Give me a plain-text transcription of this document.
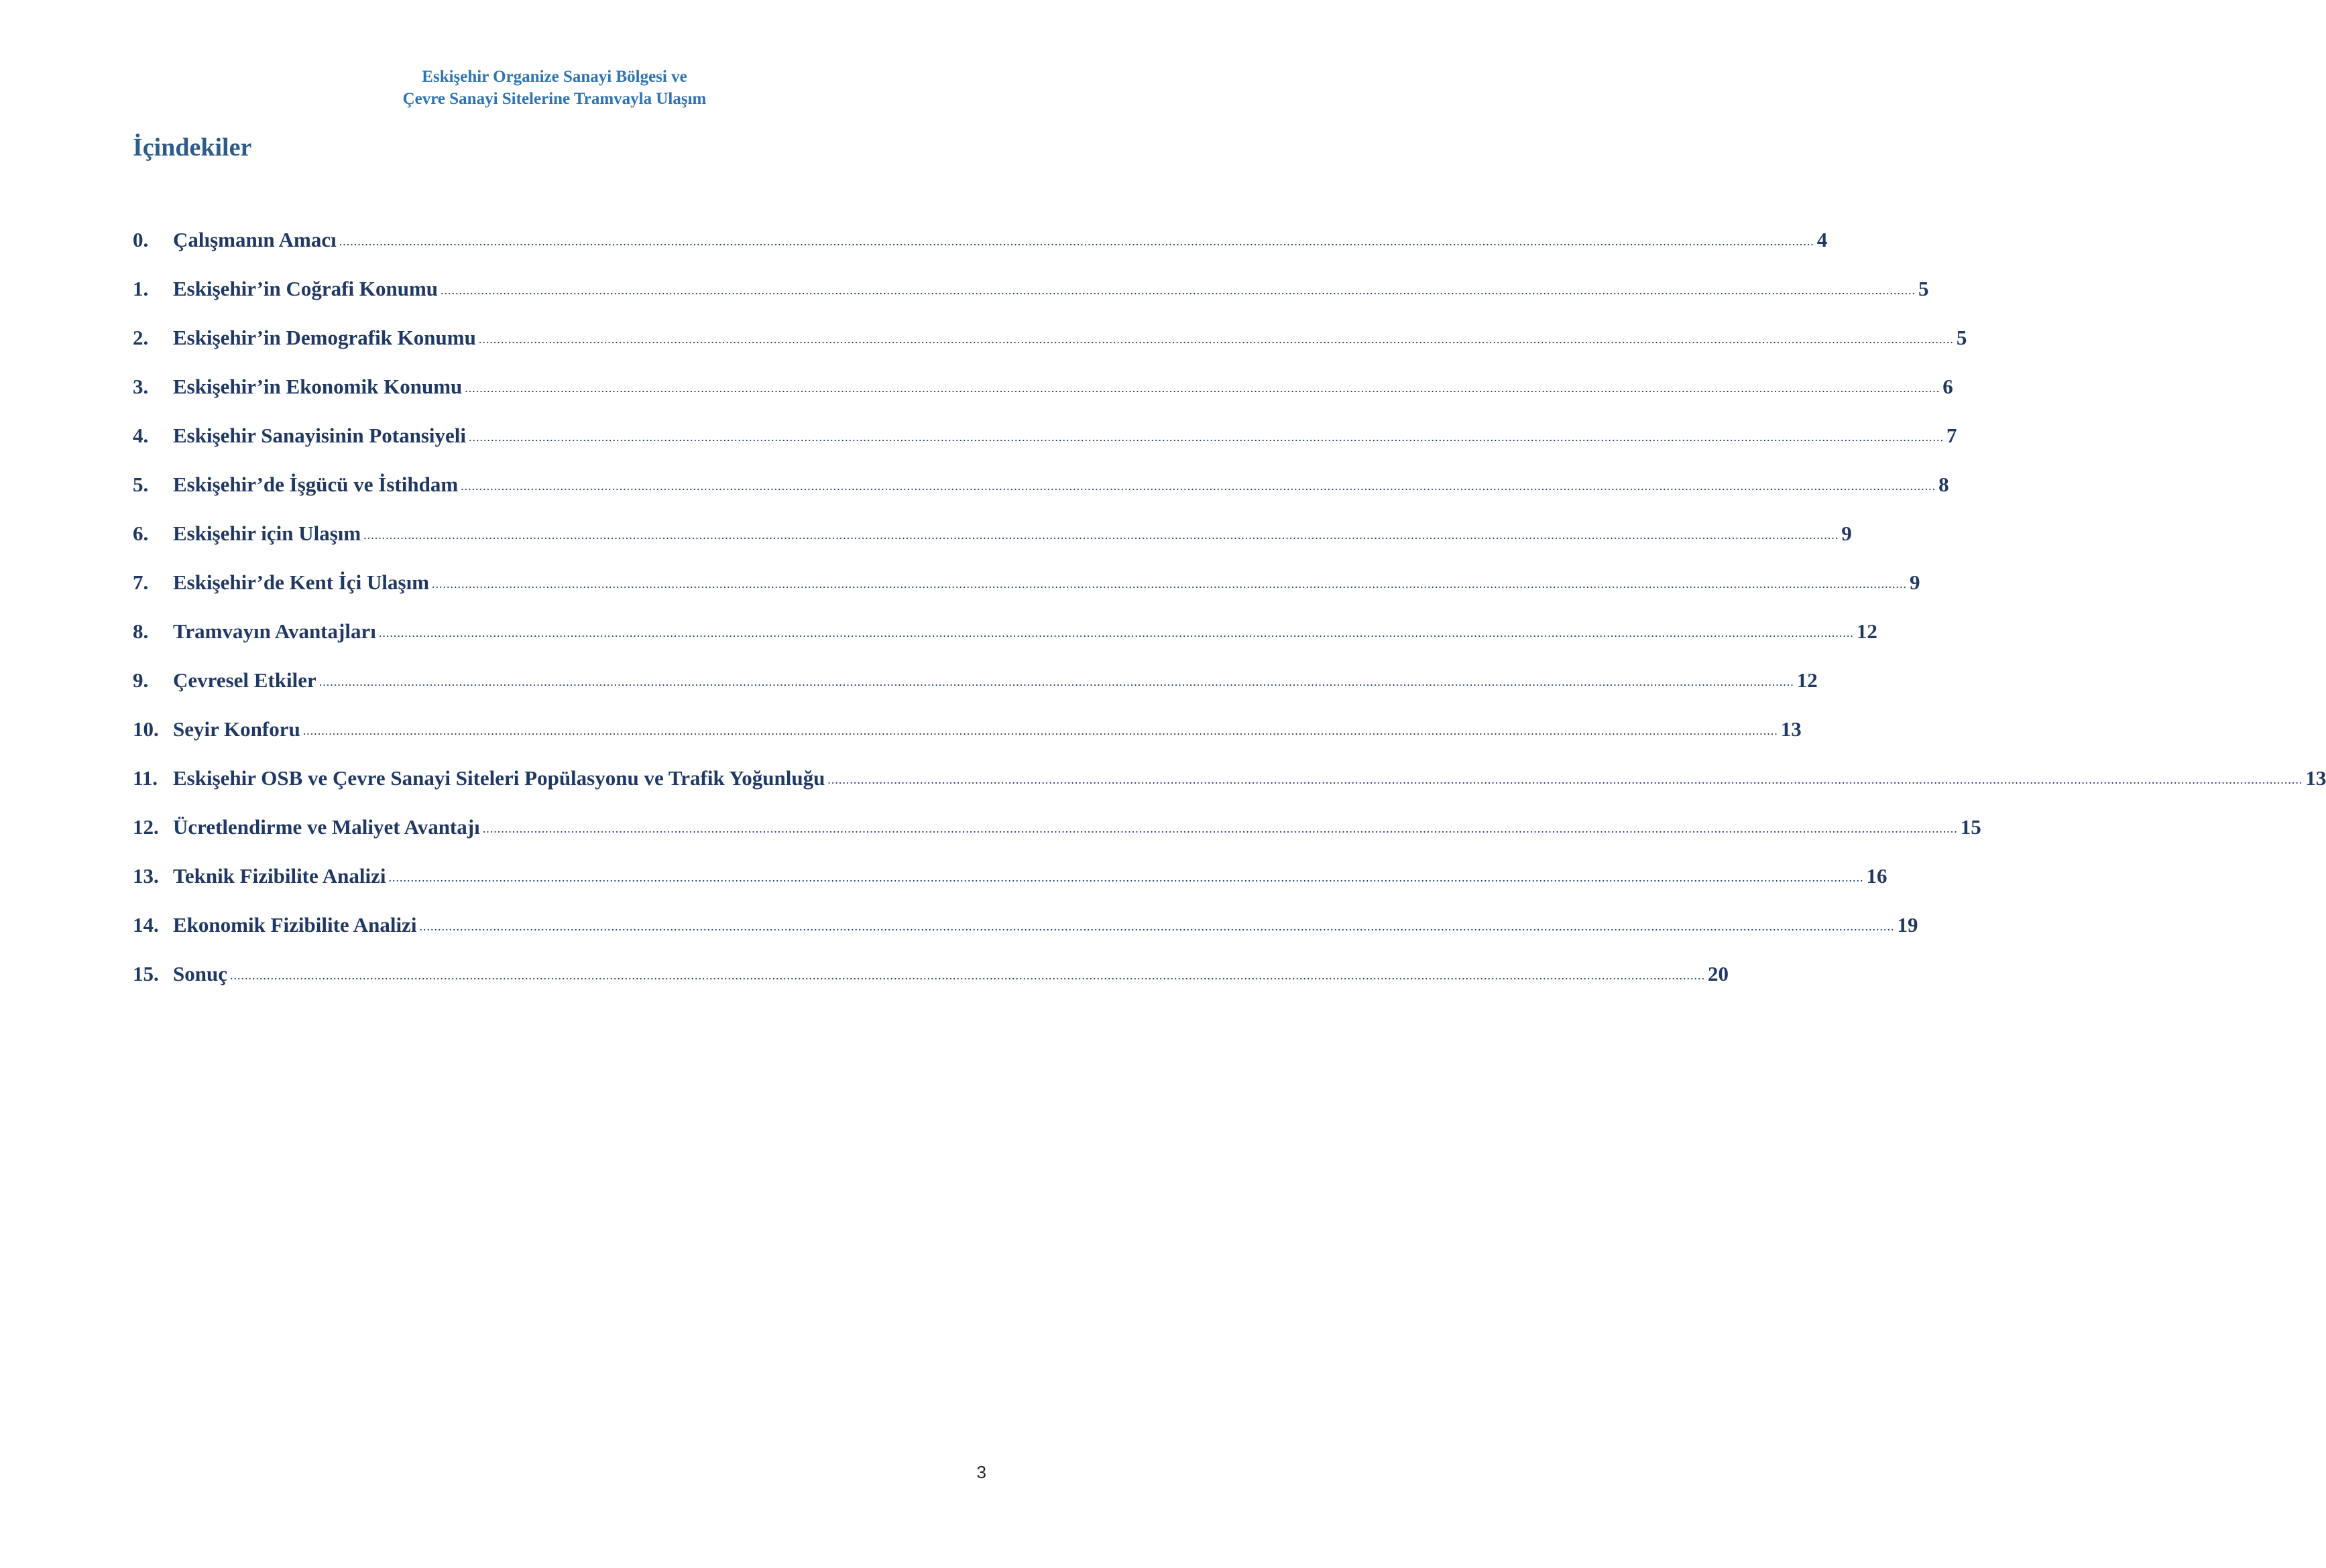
Eskişehir Organize Sanayi Bölgesi ve
Çevre Sanayi Sitelerine Tramvayla Ulaşım
İçindekiler
0.	Çalışmanın Amacı ................................................................................................................................................................................................................................................................................................................................................................................................................ 4
1.	Eskişehir’in Coğrafi Konumu ................................................................................................................................................................................................................................................................................................................................................................................................................ 5
2.	Eskişehir’in Demografik Konumu ................................................................................................................................................................................................................................................................................................................................................................................................................ 5
3.	Eskişehir’in Ekonomik Konumu ................................................................................................................................................................................................................................................................................................................................................................................................................ 6
4.	Eskişehir Sanayisinin Potansiyeli ................................................................................................................................................................................................................................................................................................................................................................................................................ 7
5.	Eskişehir’de İşgücü ve İstihdam ................................................................................................................................................................................................................................................................................................................................................................................................................ 8
6.	Eskişehir için Ulaşım ................................................................................................................................................................................................................................................................................................................................................................................................................ 9
7.	Eskişehir’de Kent İçi Ulaşım ................................................................................................................................................................................................................................................................................................................................................................................................................ 9
8.	Tramvayın Avantajları ................................................................................................................................................................................................................................................................................................................................................................................................................ 12
9.	Çevresel Etkiler ................................................................................................................................................................................................................................................................................................................................................................................................................ 12
10. Seyir Konforu ................................................................................................................................................................................................................................................................................................................................................................................................................ 13
11. Eskişehir OSB ve Çevre Sanayi Siteleri Popülasyonu ve Trafik Yoğunluğu ................................................................................................................................................................................................................................................................................................................................................................................................................ 13
12. Ücretlendirme ve Maliyet Avantajı ................................................................................................................................................................................................................................................................................................................................................................................................................ 15
13. Teknik Fizibilite Analizi ................................................................................................................................................................................................................................................................................................................................................................................................................ 16
14. Ekonomik Fizibilite Analizi ................................................................................................................................................................................................................................................................................................................................................................................................................ 19
15. Sonuç ................................................................................................................................................................................................................................................................................................................................................................................................................ 20
3
